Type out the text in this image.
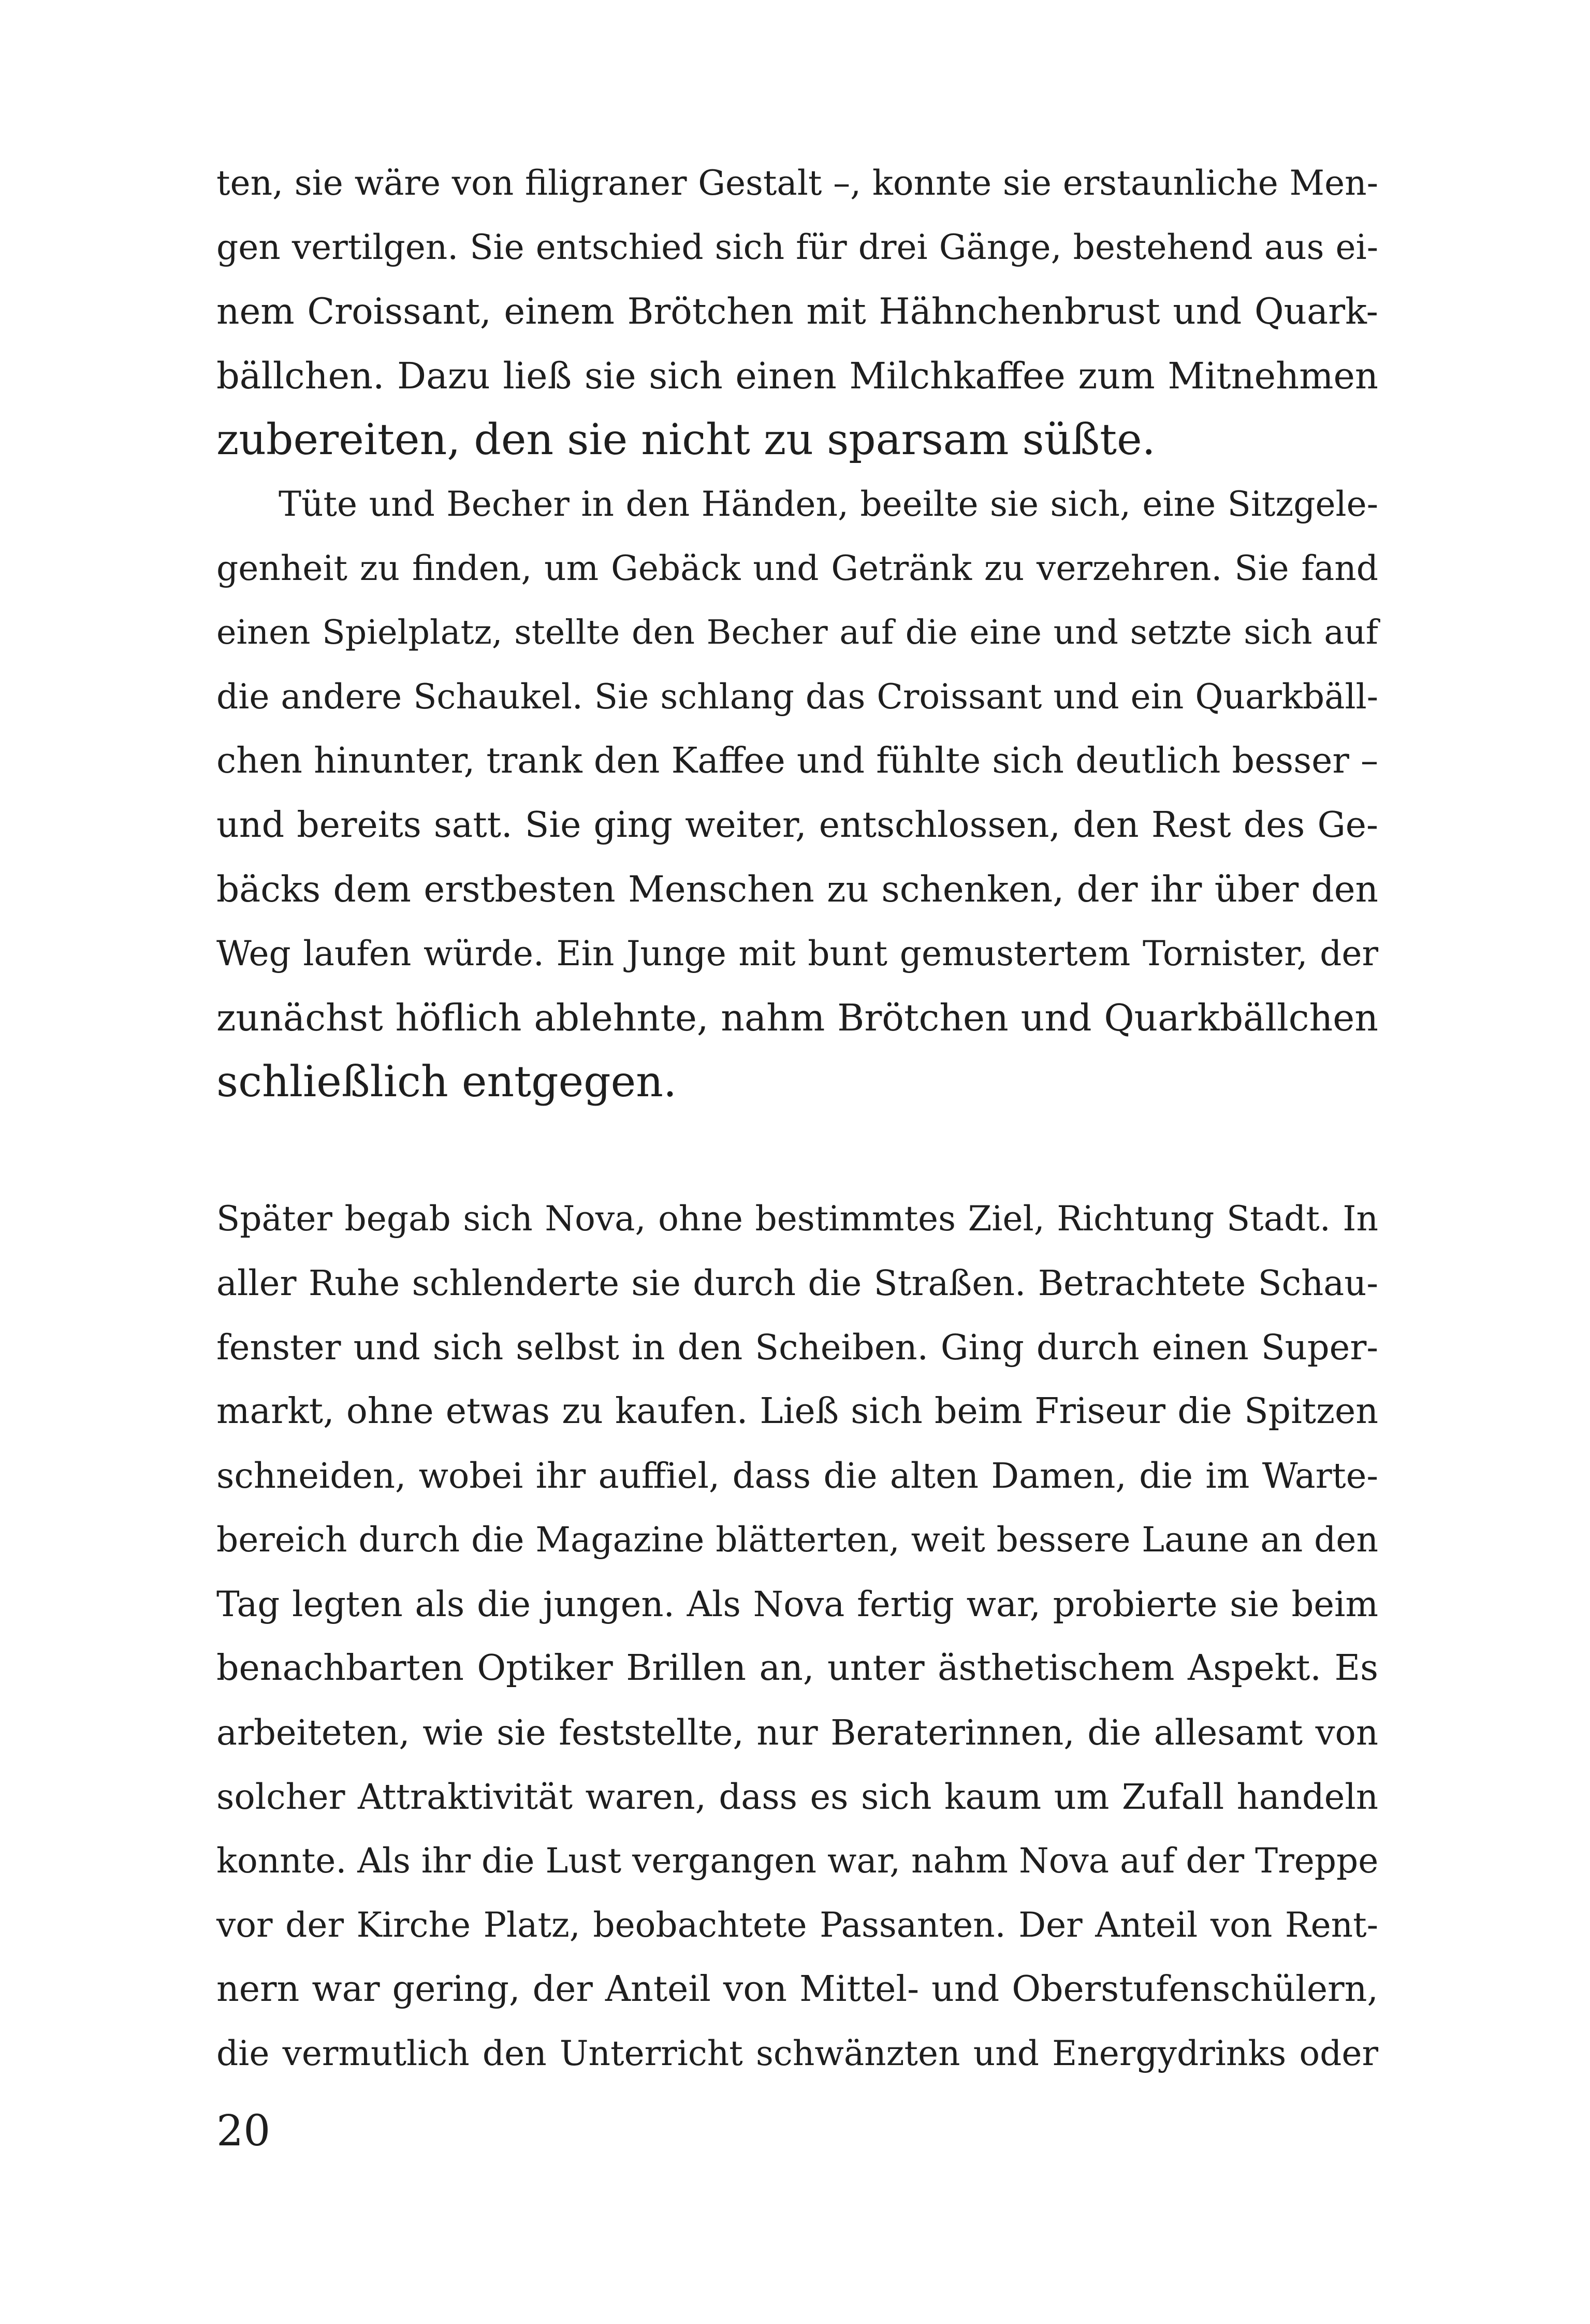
ten, sie wäre von filigraner Gestalt –, konnte sie erstaunliche Men-
gen vertilgen. Sie entschied sich für drei Gänge, bestehend aus ei-
nem Croissant, einem Brötchen mit Hähnchenbrust und Quark-
bällchen. Dazu ließ sie sich einen Milchkaffee zum Mitnehmen
zubereiten, den sie nicht zu sparsam süßte.
Tüte und Becher in den Händen, beeilte sie sich, eine Sitzgele-
genheit zu finden, um Gebäck und Getränk zu verzehren. Sie fand
einen Spielplatz, stellte den Becher auf die eine und setzte sich auf
die andere Schaukel. Sie schlang das Croissant und ein Quarkbäll-
chen hinunter, trank den Kaffee und fühlte sich deutlich besser –
und bereits satt. Sie ging weiter, entschlossen, den Rest des Ge-
bäcks dem erstbesten Menschen zu schenken, der ihr über den
Weg laufen würde. Ein Junge mit bunt gemustertem Tornister, der
zunächst höflich ablehnte, nahm Brötchen und Quarkbällchen
schließlich entgegen.
Später begab sich Nova, ohne bestimmtes Ziel, Richtung Stadt. In
aller Ruhe schlenderte sie durch die Straßen. Betrachtete Schau-
fenster und sich selbst in den Scheiben. Ging durch einen Super-
markt, ohne etwas zu kaufen. Ließ sich beim Friseur die Spitzen
schneiden, wobei ihr auffiel, dass die alten Damen, die im Warte-
bereich durch die Magazine blätterten, weit bessere Laune an den
Tag legten als die jungen. Als Nova fertig war, probierte sie beim
benachbarten Optiker Brillen an, unter ästhetischem Aspekt. Es
arbeiteten, wie sie feststellte, nur Beraterinnen, die allesamt von
solcher Attraktivität waren, dass es sich kaum um Zufall handeln
konnte. Als ihr die Lust vergangen war, nahm Nova auf der Treppe
vor der Kirche Platz, beobachtete Passanten. Der Anteil von Rent-
nern war gering, der Anteil von Mittel- und Oberstufenschülern,
die vermutlich den Unterricht schwänzten und Energydrinks oder
20
